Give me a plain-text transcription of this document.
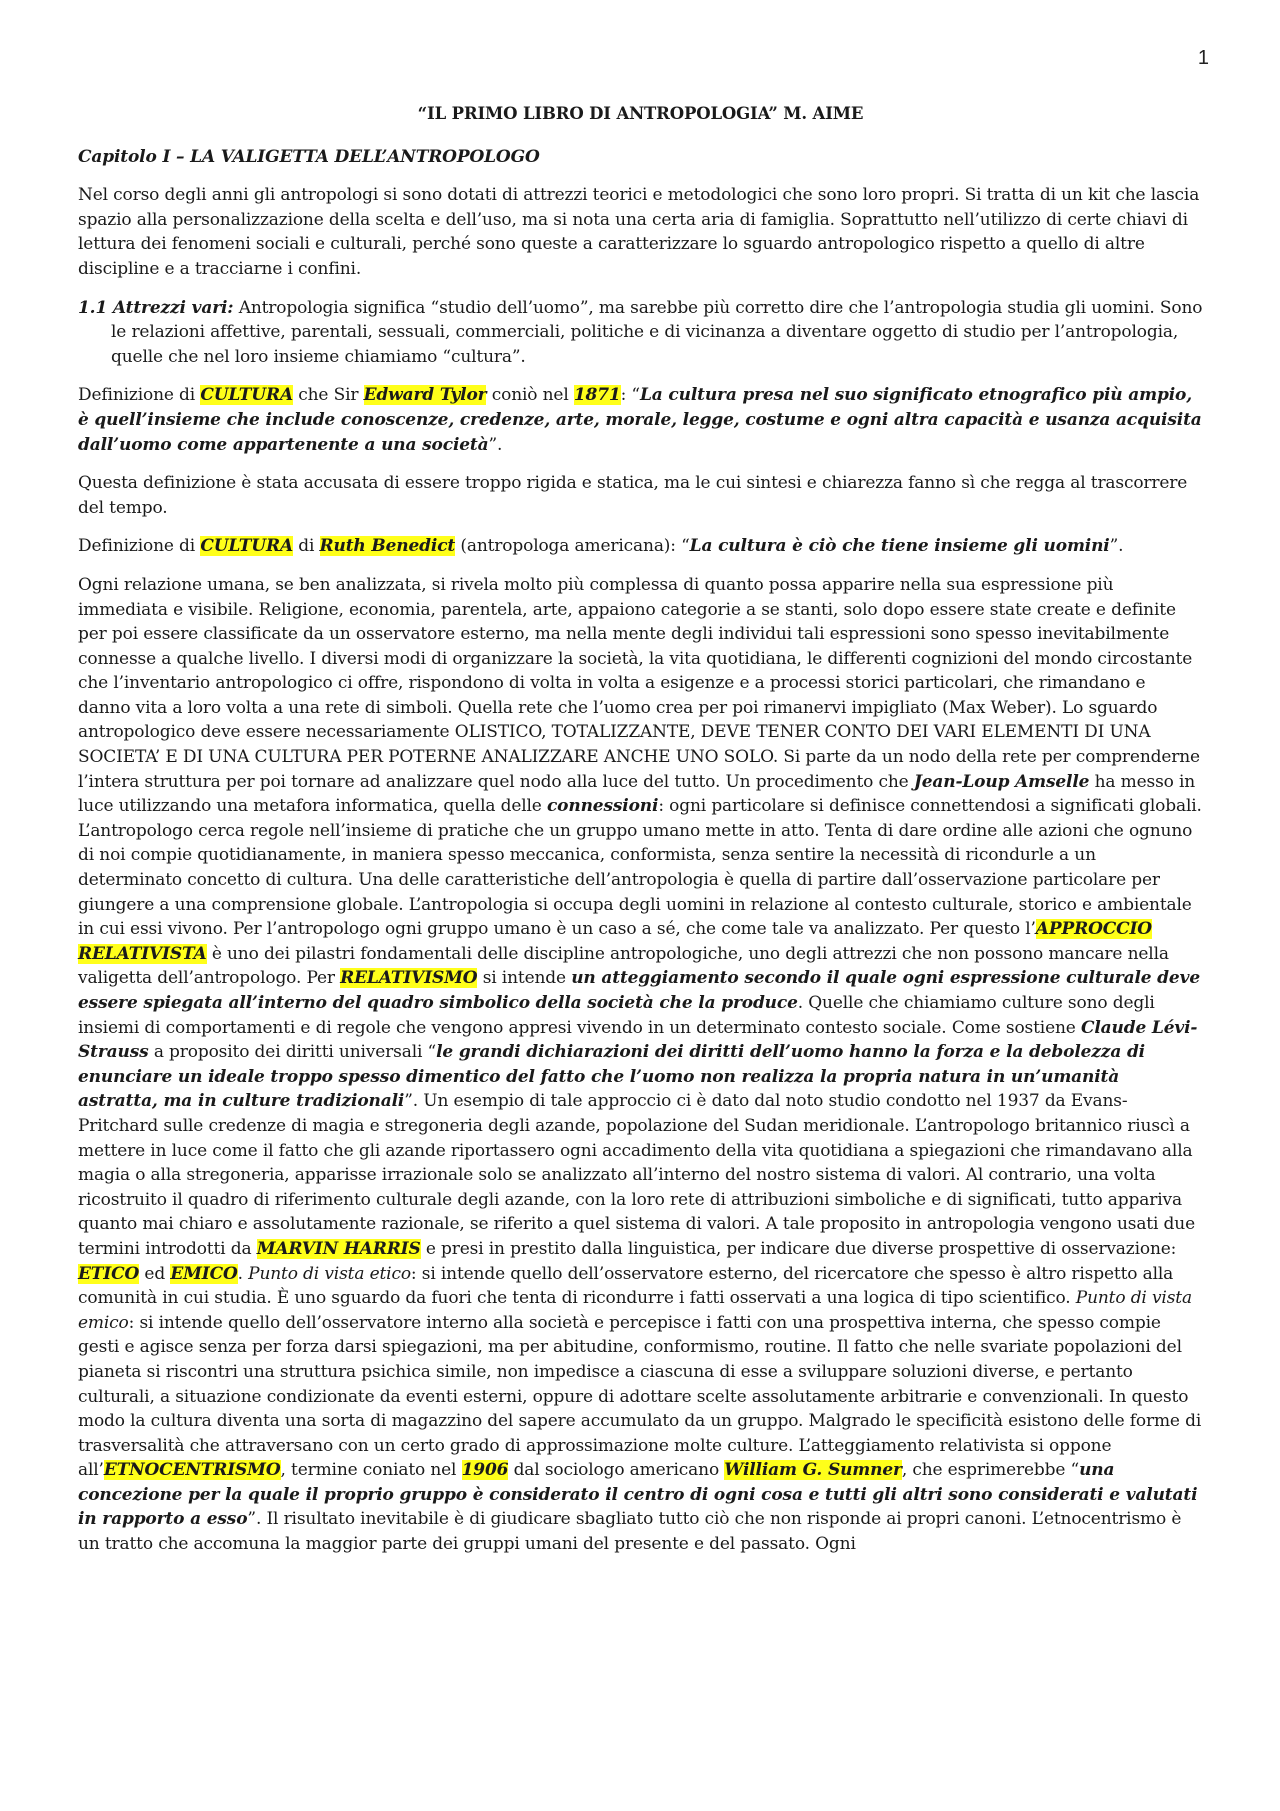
1
“IL PRIMO LIBRO DI ANTROPOLOGIA” M. AIME
Capitolo I – LA VALIGETTA DELL’ANTROPOLOGO

Nel corso degli anni gli antropologi si sono dotati di attrezzi teorici e metodologici che sono loro propri. Si tratta di un kit che lascia spazio alla personalizzazione della scelta e dell’uso, ma si nota una certa aria di famiglia. Soprattutto nell’utilizzo di certe chiavi di lettura dei fenomeni sociali e culturali, perché sono queste a caratterizzare lo sguardo antropologico rispetto a quello di altre discipline e a tracciarne i confini.

1.1 Attrezzi vari: Antropologia significa “studio dell’uomo”, ma sarebbe più corretto dire che l’antropologia studia gli uomini. Sono le relazioni affettive, parentali, sessuali, commerciali, politiche e di vicinanza a diventare oggetto di studio per l’antropologia, quelle che nel loro insieme chiamiamo “cultura”.

Definizione di CULTURA che Sir Edward Tylor coniò nel 1871: “La cultura presa nel suo significato etnografico più ampio, è quell’insieme che include conoscenze, credenze, arte, morale, legge, costume e ogni altra capacità e usanza acquisita dall’uomo come appartenente a una società”.

Questa definizione è stata accusata di essere troppo rigida e statica, ma le cui sintesi e chiarezza fanno sì che regga al trascorrere del tempo.

Definizione di CULTURA di Ruth Benedict (antropologa americana): “La cultura è ciò che tiene insieme gli uomini”.

Ogni relazione umana, se ben analizzata, si rivela molto più complessa di quanto possa apparire nella sua espressione più immediata e visibile. Religione, economia, parentela, arte, appaiono categorie a se stanti, solo dopo essere state create e definite per poi essere classificate da un osservatore esterno, ma nella mente degli individui tali espressioni sono spesso inevitabilmente connesse a qualche livello. I diversi modi di organizzare la società, la vita quotidiana, le differenti cognizioni del mondo circostante che l’inventario antropologico ci offre, rispondono di volta in volta a esigenze e a processi storici particolari, che rimandano e danno vita a loro volta a una rete di simboli. Quella rete che l’uomo crea per poi rimanervi impigliato (Max Weber). Lo sguardo antropologico deve essere necessariamente OLISTICO, TOTALIZZANTE, DEVE TENER CONTO DEI VARI ELEMENTI DI UNA SOCIETA’ E DI UNA CULTURA PER POTERNE ANALIZZARE ANCHE UNO SOLO. Si parte da un nodo della rete per comprenderne l’intera struttura per poi tornare ad analizzare quel nodo alla luce del tutto. Un procedimento che Jean-Loup Amselle ha messo in luce utilizzando una metafora informatica, quella delle connessioni: ogni particolare si definisce connettendosi a significati globali. L’antropologo cerca regole nell’insieme di pratiche che un gruppo umano mette in atto. Tenta di dare ordine alle azioni che ognuno di noi compie quotidianamente, in maniera spesso meccanica, conformista, senza sentire la necessità di ricondurle a un determinato concetto di cultura. Una delle caratteristiche dell’antropologia è quella di partire dall’osservazione particolare per giungere a una comprensione globale. L’antropologia si occupa degli uomini in relazione al contesto culturale, storico e ambientale in cui essi vivono. Per l’antropologo ogni gruppo umano è un caso a sé, che come tale va analizzato. Per questo l’APPROCCIO RELATIVISTA è uno dei pilastri fondamentali delle discipline antropologiche, uno degli attrezzi che non possono mancare nella valigetta dell’antropologo. Per RELATIVISMO si intende un atteggiamento secondo il quale ogni espressione culturale deve essere spiegata all’interno del quadro simbolico della società che la produce. Quelle che chiamiamo culture sono degli insiemi di comportamenti e di regole che vengono appresi vivendo in un determinato contesto sociale. Come sostiene Claude Lévi-Strauss a proposito dei diritti universali “le grandi dichiarazioni dei diritti dell’uomo hanno la forza e la debolezza di enunciare un ideale troppo spesso dimentico del fatto che l’uomo non realizza la propria natura in un’umanità astratta, ma in culture tradizionali”. Un esempio di tale approccio ci è dato dal noto studio condotto nel 1937 da Evans-Pritchard sulle credenze di magia e stregoneria degli azande, popolazione del Sudan meridionale. L’antropologo britannico riuscì a mettere in luce come il fatto che gli azande riportassero ogni accadimento della vita quotidiana a spiegazioni che rimandavano alla magia o alla stregoneria, apparisse irrazionale solo se analizzato all’interno del nostro sistema di valori. Al contrario, una volta ricostruito il quadro di riferimento culturale degli azande, con la loro rete di attribuzioni simboliche e di significati, tutto appariva quanto mai chiaro e assolutamente razionale, se riferito a quel sistema di valori. A tale proposito in antropologia vengono usati due termini introdotti da MARVIN HARRIS e presi in prestito dalla linguistica, per indicare due diverse prospettive di osservazione: ETICO ed EMICO. Punto di vista etico: si intende quello dell’osservatore esterno, del ricercatore che spesso è altro rispetto alla comunità in cui studia. È uno sguardo da fuori che tenta di ricondurre i fatti osservati a una logica di tipo scientifico. Punto di vista emico: si intende quello dell’osservatore interno alla società e percepisce i fatti con una prospettiva interna, che spesso compie gesti e agisce senza per forza darsi spiegazioni, ma per abitudine, conformismo, routine. Il fatto che nelle svariate popolazioni del pianeta si riscontri una struttura psichica simile, non impedisce a ciascuna di esse a sviluppare soluzioni diverse, e pertanto culturali, a situazione condizionate da eventi esterni, oppure di adottare scelte assolutamente arbitrarie e convenzionali. In questo modo la cultura diventa una sorta di magazzino del sapere accumulato da un gruppo. Malgrado le specificità esistono delle forme di trasversalità che attraversano con un certo grado di approssimazione molte culture. L’atteggiamento relativista si oppone all’ETNOCENTRISMO, termine coniato nel 1906 dal sociologo americano William G. Sumner, che esprimerebbe “una concezione per la quale il proprio gruppo è considerato il centro di ogni cosa e tutti gli altri sono considerati e valutati in rapporto a esso”. Il risultato inevitabile è di giudicare sbagliato tutto ciò che non risponde ai propri canoni. L’etnocentrismo è un tratto che accomuna la maggior parte dei gruppi umani del presente e del passato. Ogni
